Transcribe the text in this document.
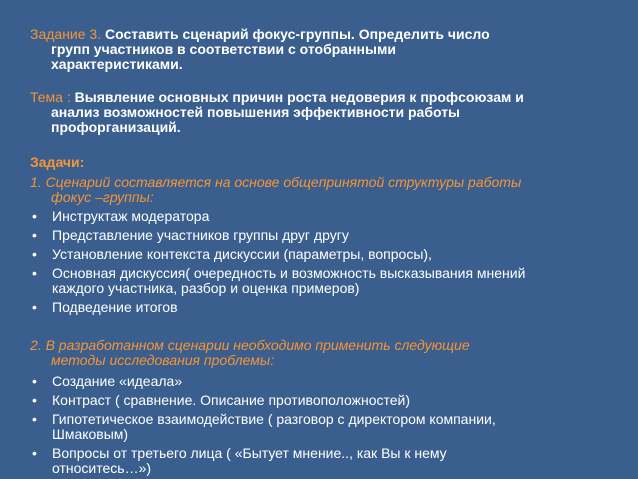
Задание 3. Составить сценарий фокус-группы. Определить число
групп участников в соответствии с отобранными
характеристиками.
Тема : Выявление основных причин роста недоверия к профсоюзам и
анализ возможностей повышения эффективности работы
профорганизаций.
Задачи:
1. Сценарий составляется на основе общепринятой структуры работы
фокус –группы:
• Инструктаж модератора
• Представление участников группы друг другу
• Установление контекста дискуссии (параметры, вопросы),
• Основная дискуссия( очередность и возможность высказывания мнений
каждого участника, разбор и оценка примеров)
• Подведение итогов
2. В разработанном сценарии необходимо применить следующие
методы исследования проблемы:
• Создание «идеала»
• Контраст ( сравнение. Описание противоположностей)
• Гипотетическое взаимодействие ( разговор с директором компании,
Шмаковым)
• Вопросы от третьего лица ( «Бытует мнение.., как Вы к нему
относитесь…»)
